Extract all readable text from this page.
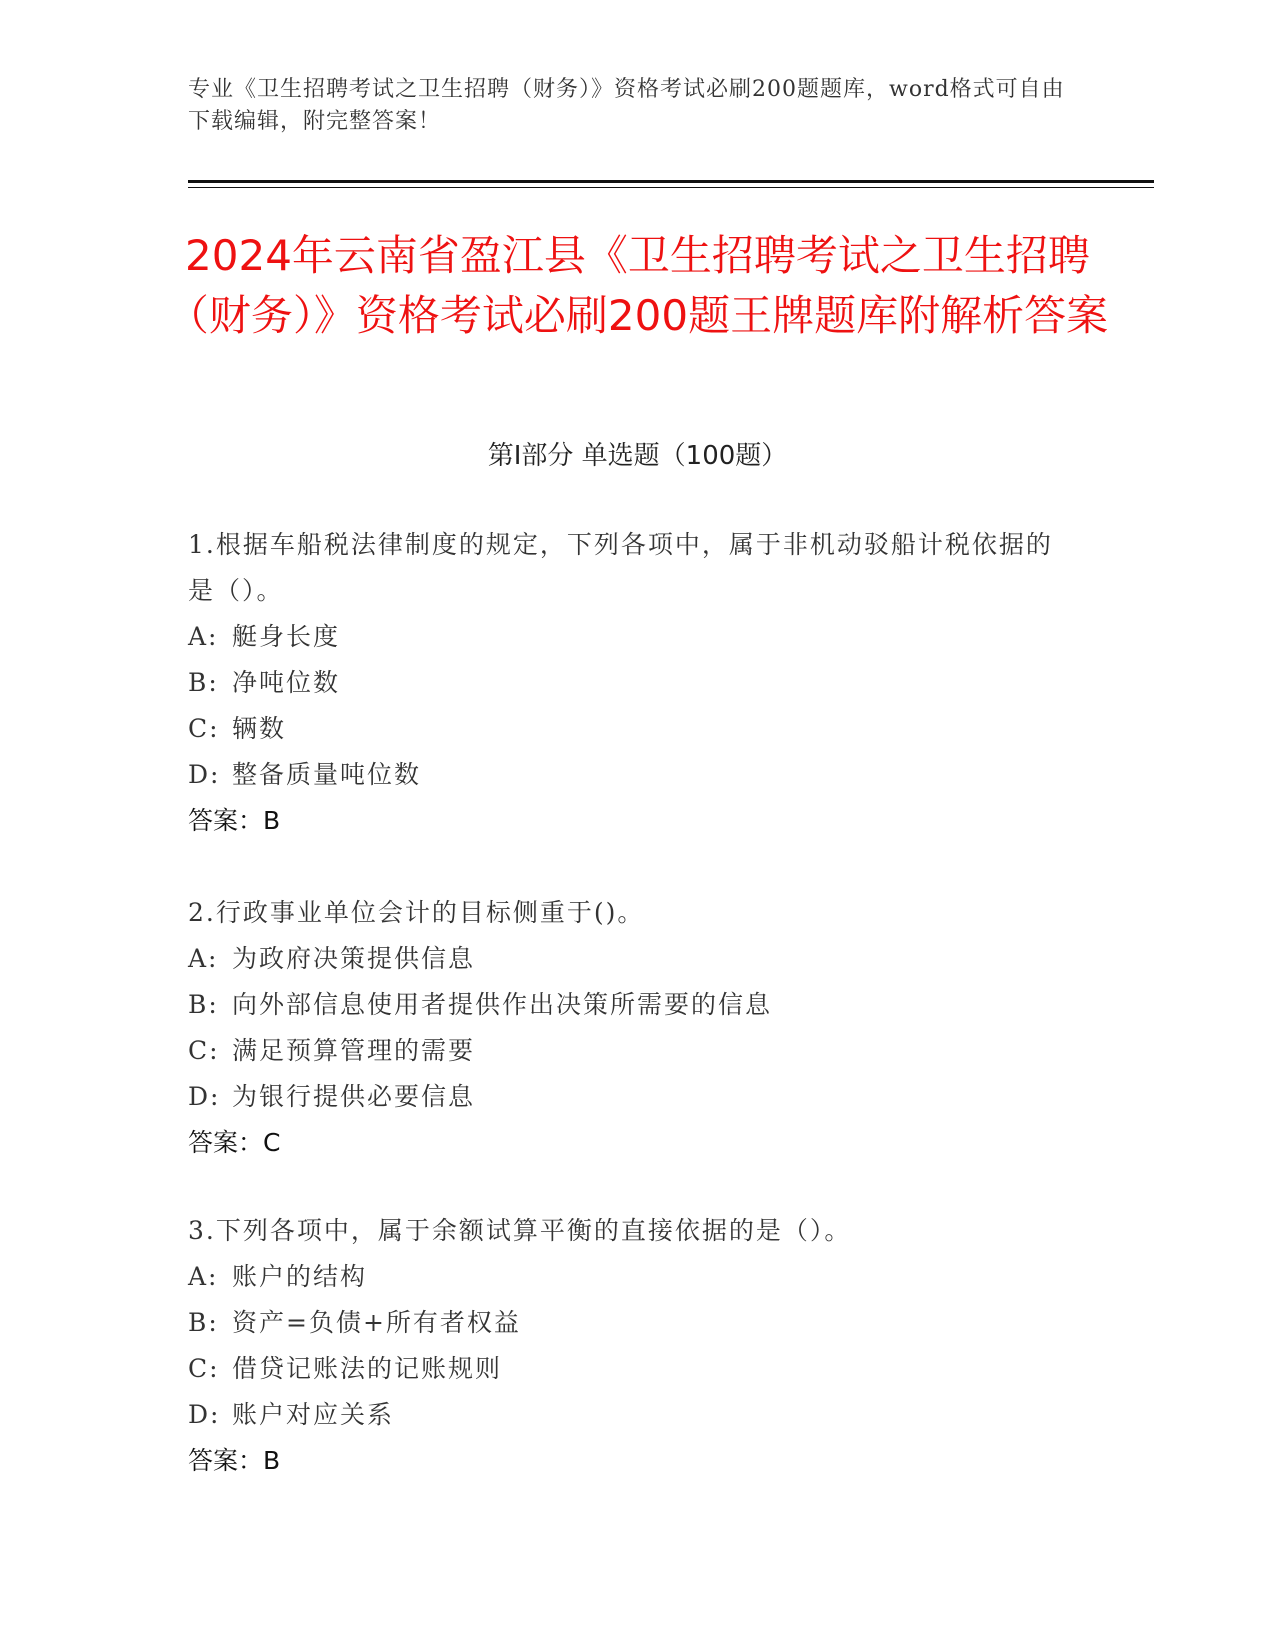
专业《卫生招聘考试之卫生招聘（财务）》资格考试必刷200题题库，word格式可自由下载编辑，附完整答案！
2024年云南省盈江县《卫生招聘考试之卫生招聘（财务）》资格考试必刷200题王牌题库附解析答案
第Ⅰ部分 单选题（100题）

1.根据车船税法律制度的规定，下列各项中，属于非机动驳船计税依据的是（）。

A: 艇身长度

B: 净吨位数

C: 辆数

D: 整备质量吨位数

答案：B

2.行政事业单位会计的目标侧重于()。

A: 为政府决策提供信息

B: 向外部信息使用者提供作出决策所需要的信息

C: 满足预算管理的需要

D: 为银行提供必要信息

答案：C

3.下列各项中，属于余额试算平衡的直接依据的是（）。

A: 账户的结构

B: 资产=负债+所有者权益

C: 借贷记账法的记账规则

D: 账户对应关系

答案：B
